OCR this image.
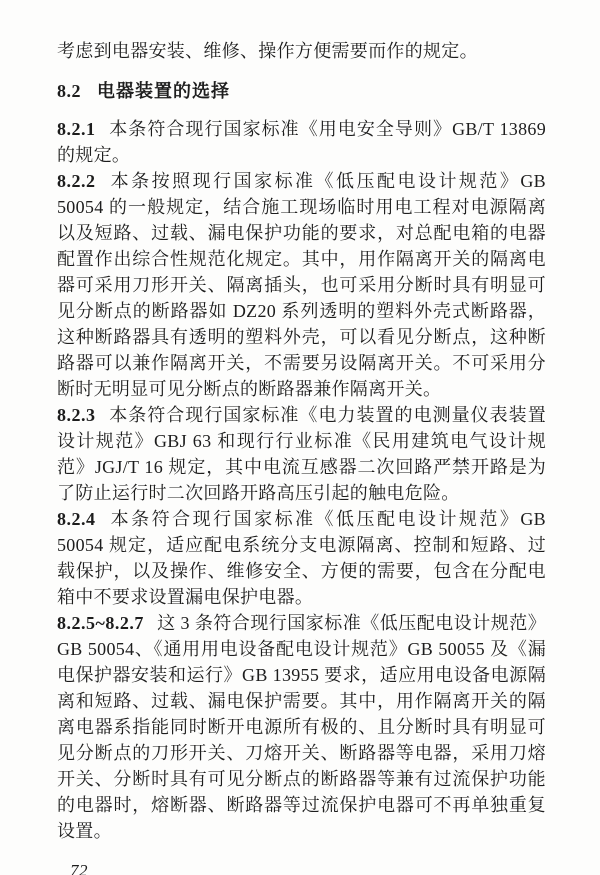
考虑到电器安装、维修、操作方便需要而作的规定。

8.2 电器装置的选择

8.2.1 本条符合现行国家标准《用电安全导则》GB/T 13869 的规定。

8.2.2 本条按照现行国家标准《低压配电设计规范》GB 50054 的一般规定，结合施工现场临时用电工程对电源隔离以及短路、过载、漏电保护功能的要求，对总配电箱的电器配置作出综合性规范化规定。其中，用作隔离开关的隔离电器可采用刀形开关、隔离插头，也可采用分断时具有明显可见分断点的断路器如 DZ20 系列透明的塑料外壳式断路器，这种断路器具有透明的塑料外壳，可以看见分断点，这种断路器可以兼作隔离开关，不需要另设隔离开关。不可采用分断时无明显可见分断点的断路器兼作隔离开关。

8.2.3 本条符合现行国家标准《电力装置的电测量仪表装置设计规范》GBJ 63 和现行行业标准《民用建筑电气设计规范》JGJ/T 16 规定，其中电流互感器二次回路严禁开路是为了防止运行时二次回路开路高压引起的触电危险。

8.2.4 本条符合现行国家标准《低压配电设计规范》GB 50054 规定，适应配电系统分支电源隔离、控制和短路、过载保护，以及操作、维修安全、方便的需要，包含在分配电箱中不要求设置漏电保护电器。

8.2.5~8.2.7 这 3 条符合现行国家标准《低压配电设计规范》GB 50054、《通用用电设备配电设计规范》GB 50055 及《漏电保护器安装和运行》GB 13955 要求，适应用电设备电源隔离和短路、过载、漏电保护需要。其中，用作隔离开关的隔离电器系指能同时断开电源所有极的、且分断时具有明显可见分断点的刀形开关、刀熔开关、断路器等电器，采用刀熔开关、分断时具有可见分断点的断路器等兼有过流保护功能的电器时，熔断器、断路器等过流保护电器可不再单独重复设置。

72
